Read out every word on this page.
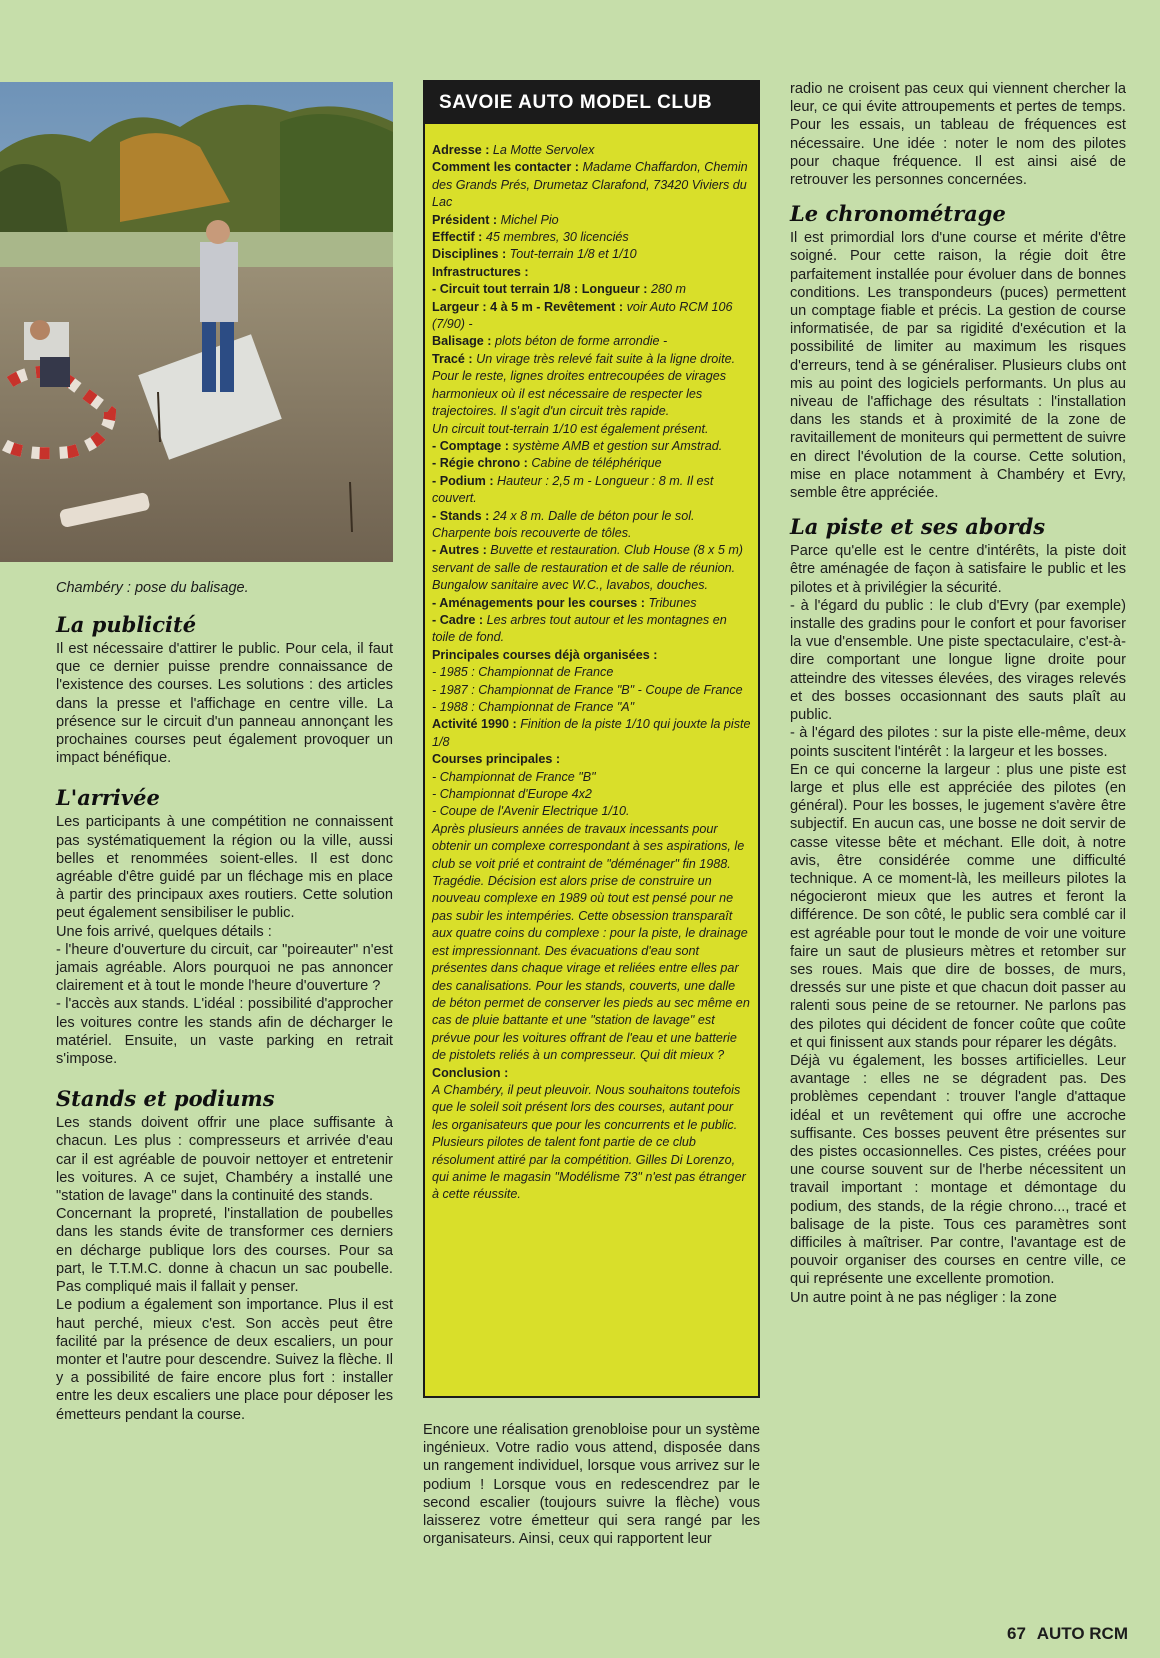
Chambéry : pose du balisage.
La publicité

Il est nécessaire d'attirer le public. Pour cela, il faut que ce dernier puisse prendre connaissance de l'existence des courses. Les solutions : des articles dans la presse et l'affichage en centre ville. La présence sur le circuit d'un panneau annonçant les prochaines courses peut également provoquer un impact bénéfique.

L'arrivée

Les participants à une compétition ne connaissent pas systématiquement la région ou la ville, aussi belles et renommées soient-elles. Il est donc agréable d'être guidé par un fléchage mis en place à partir des principaux axes routiers. Cette solution peut également sensibiliser le public.

Une fois arrivé, quelques détails :

- l'heure d'ouverture du circuit, car "poireauter" n'est jamais agréable. Alors pourquoi ne pas annoncer clairement et à tout le monde l'heure d'ouverture ?

- l'accès aux stands. L'idéal : possibilité d'approcher les voitures contre les stands afin de décharger le matériel. Ensuite, un vaste parking en retrait s'impose.

Stands et podiums

Les stands doivent offrir une place suffisante à chacun. Les plus : compresseurs et arrivée d'eau car il est agréable de pouvoir nettoyer et entretenir les voitures. A ce sujet, Chambéry a installé une "station de lavage" dans la continuité des stands.

Concernant la propreté, l'installation de poubelles dans les stands évite de transformer ces derniers en décharge publique lors des courses. Pour sa part, le T.T.M.C. donne à chacun un sac poubelle. Pas compliqué mais il fallait y penser.

Le podium a également son importance. Plus il est haut perché, mieux c'est. Son accès peut être facilité par la présence de deux escaliers, un pour monter et l'autre pour descendre. Suivez la flèche. Il y a possibilité de faire encore plus fort : installer entre les deux escaliers une place pour déposer les émetteurs pendant la course.

SAVOIE AUTO MODEL CLUB
Adresse : La Motte Servolex
Comment les contacter : Madame Chaffardon, Chemin des Grands Prés, Drumetaz Clarafond, 73420 Viviers du Lac
Président : Michel Pio
Effectif : 45 membres, 30 licenciés
Disciplines : Tout-terrain 1/8 et 1/10
Infrastructures :
- Circuit tout terrain 1/8 : Longueur : 280 m
Largeur : 4 à 5 m - Revêtement : voir Auto RCM 106 (7/90) -
Balisage : plots béton de forme arrondie -
Tracé : Un virage très relevé fait suite à la ligne droite. Pour le reste, lignes droites entrecoupées de virages harmonieux où il est nécessaire de respecter les trajectoires. Il s'agit d'un circuit très rapide.
Un circuit tout-terrain 1/10 est également présent.
- Comptage : système AMB et gestion sur Amstrad.
- Régie chrono : Cabine de téléphérique
- Podium : Hauteur : 2,5 m - Longueur : 8 m. Il est couvert.
- Stands : 24 x 8 m. Dalle de béton pour le sol. Charpente bois recouverte de tôles.
- Autres : Buvette et restauration. Club House (8 x 5 m) servant de salle de restauration et de salle de réunion. Bungalow sanitaire avec W.C., lavabos, douches.
- Aménagements pour les courses : Tribunes
- Cadre : Les arbres tout autour et les montagnes en toile de fond.
Principales courses déjà organisées :
- 1985 : Championnat de France
- 1987 : Championnat de France "B" - Coupe de France
- 1988 : Championnat de France "A"
Activité 1990 : Finition de la piste 1/10 qui jouxte la piste 1/8
Courses principales :
- Championnat de France "B"
- Championnat d'Europe 4x2
- Coupe de l'Avenir Electrique 1/10.
Après plusieurs années de travaux incessants pour obtenir un complexe correspondant à ses aspirations, le club se voit prié et contraint de "déménager" fin 1988. Tragédie. Décision est alors prise de construire un nouveau complexe en 1989 où tout est pensé pour ne pas subir les intempéries. Cette obsession transparaît aux quatre coins du complexe : pour la piste, le drainage est impressionnant. Des évacuations d'eau sont présentes dans chaque virage et reliées entre elles par des canalisations. Pour les stands, couverts, une dalle de béton permet de conserver les pieds au sec même en cas de pluie battante et une "station de lavage" est prévue pour les voitures offrant de l'eau et une batterie de pistolets reliés à un compresseur. Qui dit mieux ?
Conclusion :
A Chambéry, il peut pleuvoir. Nous souhaitons toutefois que le soleil soit présent lors des courses, autant pour les organisateurs que pour les concurrents et le public. Plusieurs pilotes de talent font partie de ce club résolument attiré par la compétition. Gilles Di Lorenzo, qui anime le magasin "Modélisme 73" n'est pas étranger à cette réussite.

Encore une réalisation grenobloise pour un système ingénieux. Votre radio vous attend, disposée dans un rangement individuel, lorsque vous arrivez sur le podium ! Lorsque vous en redescendrez par le second escalier (toujours suivre la flèche) vous laisserez votre émetteur qui sera rangé par les organisateurs. Ainsi, ceux qui rapportent leur

radio ne croisent pas ceux qui viennent chercher la leur, ce qui évite attroupements et pertes de temps. Pour les essais, un tableau de fréquences est nécessaire. Une idée : noter le nom des pilotes pour chaque fréquence. Il est ainsi aisé de retrouver les personnes concernées.

Le chronométrage

Il est primordial lors d'une course et mérite d'être soigné. Pour cette raison, la régie doit être parfaitement installée pour évoluer dans de bonnes conditions. Les transpondeurs (puces) permettent un comptage fiable et précis. La gestion de course informatisée, de par sa rigidité d'exécution et la possibilité de limiter au maximum les risques d'erreurs, tend à se généraliser. Plusieurs clubs ont mis au point des logiciels performants. Un plus au niveau de l'affichage des résultats : l'installation dans les stands et à proximité de la zone de ravitaillement de moniteurs qui permettent de suivre en direct l'évolution de la course. Cette solution, mise en place notamment à Chambéry et Evry, semble être appréciée.

La piste et ses abords

Parce qu'elle est le centre d'intérêts, la piste doit être aménagée de façon à satisfaire le public et les pilotes et à privilégier la sécurité.

- à l'égard du public : le club d'Evry (par exemple) installe des gradins pour le confort et pour favoriser la vue d'ensemble. Une piste spectaculaire, c'est-à-dire comportant une longue ligne droite pour atteindre des vitesses élevées, des virages relevés et des bosses occasionnant des sauts plaît au public.

- à l'égard des pilotes : sur la piste elle-même, deux points suscitent l'intérêt : la largeur et les bosses.

En ce qui concerne la largeur : plus une piste est large et plus elle est appréciée des pilotes (en général). Pour les bosses, le jugement s'avère être subjectif. En aucun cas, une bosse ne doit servir de casse vitesse bête et méchant. Elle doit, à notre avis, être considérée comme une difficulté technique. A ce moment-là, les meilleurs pilotes la négocieront mieux que les autres et feront la différence. De son côté, le public sera comblé car il est agréable pour tout le monde de voir une voiture faire un saut de plusieurs mètres et retomber sur ses roues. Mais que dire de bosses, de murs, dressés sur une piste et que chacun doit passer au ralenti sous peine de se retourner. Ne parlons pas des pilotes qui décident de foncer coûte que coûte et qui finissent aux stands pour réparer les dégâts.

Déjà vu également, les bosses artificielles. Leur avantage : elles ne se dégradent pas. Des problèmes cependant : trouver l'angle d'attaque idéal et un revêtement qui offre une accroche suffisante. Ces bosses peuvent être présentes sur des pistes occasionnelles. Ces pistes, créées pour une course souvent sur de l'herbe nécessitent un travail important : montage et démontage du podium, des stands, de la régie chrono..., tracé et balisage de la piste. Tous ces paramètres sont difficiles à maîtriser. Par contre, l'avantage est de pouvoir organiser des courses en centre ville, ce qui représente une excellente promotion.

Un autre point à ne pas négliger : la zone

67 AUTO RCM
